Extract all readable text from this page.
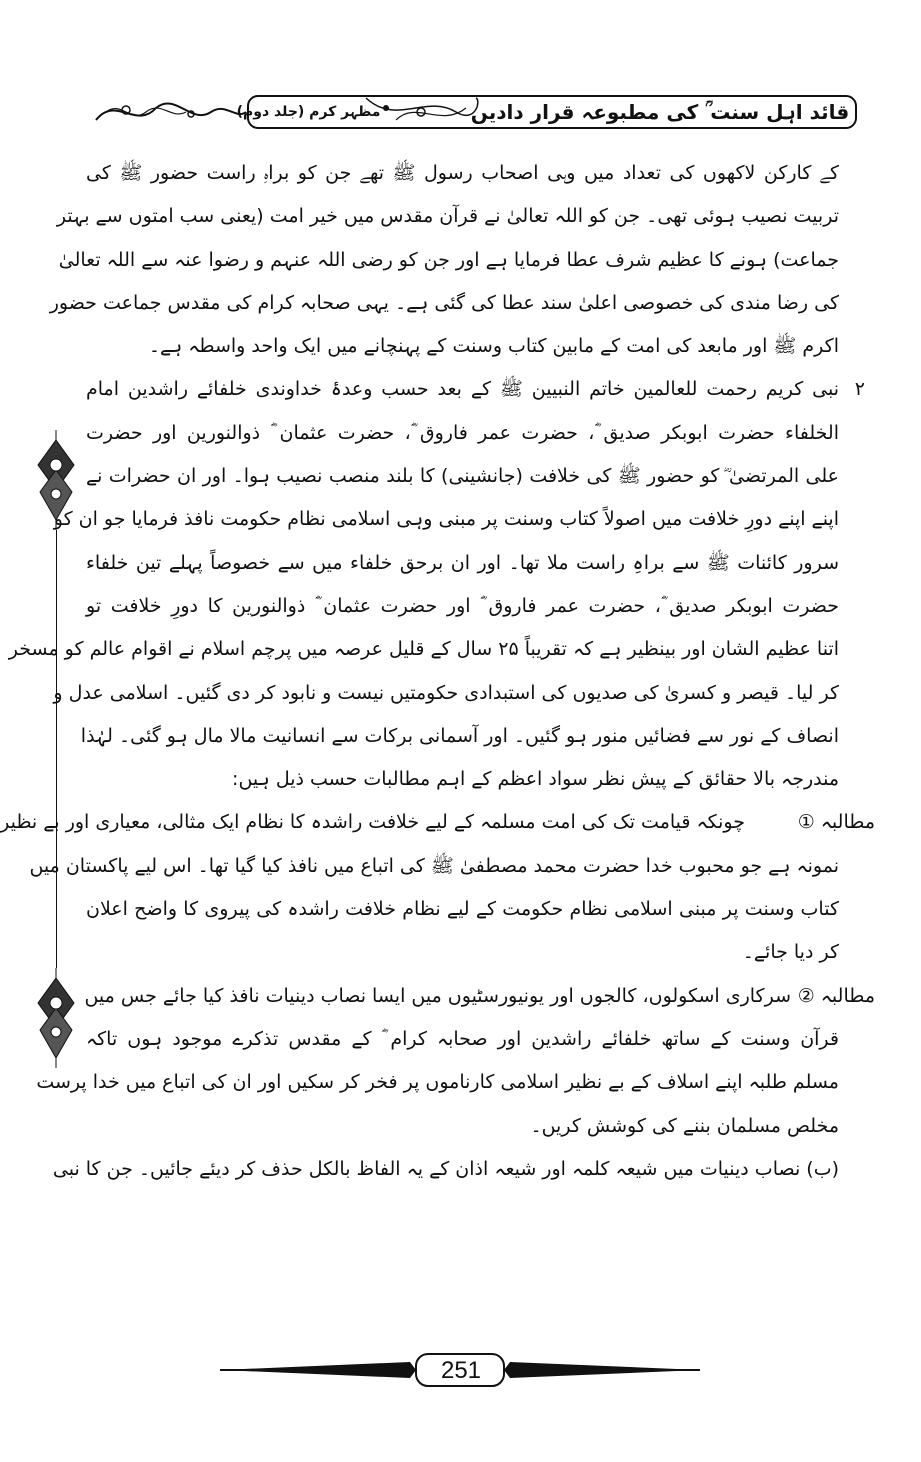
قائد اہل سنت ؒ کی مطبوعہ قرار دادیں
مظہر کرم (جلد دوم)
کے کارکن لاکھوں کی تعداد میں وہی اصحاب رسول ﷺ تھے جن کو براہِ راست حضور ﷺ کی
تربیت نصیب ہوئی تھی۔ جن کو اللہ تعالیٰ نے قرآن مقدس میں خیر امت (یعنی سب امتوں سے بہتر
جماعت) ہونے کا عظیم شرف عطا فرمایا ہے اور جن کو رضی اللہ عنہم و رضوا عنہ سے اللہ تعالیٰ
کی رضا مندی کی خصوصی اعلیٰ سند عطا کی گئی ہے۔ یہی صحابہ کرام کی مقدس جماعت حضور
اکرم ﷺ اور مابعد کی امت کے مابین کتاب وسنت کے پہنچانے میں ایک واحد واسطہ ہے۔
۲
نبی کریم رحمت للعالمین خاتم النبیین ﷺ کے بعد حسب وعدۂ خداوندی خلفائے راشدین امام
الخلفاء حضرت ابوبکر صدیق ؓ، حضرت عمر فاروق ؓ، حضرت عثمان ؓ ذوالنورین اور حضرت
علی المرتضیٰ ؓ کو حضور ﷺ کی خلافت (جانشینی) کا بلند منصب نصیب ہوا۔ اور ان حضرات نے
اپنے اپنے دورِ خلافت میں اصولاً کتاب وسنت پر مبنی وہی اسلامی نظام حکومت نافذ فرمایا جو ان کو
سرور کائنات ﷺ سے براہِ راست ملا تھا۔ اور ان برحق خلفاء میں سے خصوصاً پہلے تین خلفاء
حضرت ابوبکر صدیق ؓ، حضرت عمر فاروق ؓ اور حضرت عثمان ؓ ذوالنورین کا دورِ خلافت تو
اتنا عظیم الشان اور بینظیر ہے کہ تقریباً ۲۵ سال کے قلیل عرصہ میں پرچم اسلام نے اقوام عالم کو مسخر
کر لیا۔ قیصر و کسریٰ کی صدیوں کی استبدادی حکومتیں نیست و نابود کر دی گئیں۔ اسلامی عدل و
انصاف کے نور سے فضائیں منور ہو گئیں۔ اور آسمانی برکات سے انسانیت مالا مال ہو گئی۔ لہٰذا
مندرجہ بالا حقائق کے پیش نظر سواد اعظم کے اہم مطالبات حسب ذیل ہیں:
مطالبہ ①
چونکہ قیامت تک کی امت مسلمہ کے لیے خلافت راشدہ کا نظام ایک مثالی، معیاری اور بے نظیر
نمونہ ہے جو محبوب خدا حضرت محمد مصطفیٰ ﷺ کی اتباع میں نافذ کیا گیا تھا۔ اس لیے پاکستان میں
کتاب وسنت پر مبنی اسلامی نظام حکومت کے لیے نظام خلافت راشدہ کی پیروی کا واضح اعلان
کر دیا جائے۔
مطالبہ ②
سرکاری اسکولوں، کالجوں اور یونیورسٹیوں میں ایسا نصاب دینیات نافذ کیا جائے جس میں
قرآن وسنت کے ساتھ خلفائے راشدین اور صحابہ کرام ؓ کے مقدس تذکرے موجود ہوں تاکہ
مسلم طلبہ اپنے اسلاف کے بے نظیر اسلامی کارناموں پر فخر کر سکیں اور ان کی اتباع میں خدا پرست
مخلص مسلمان بننے کی کوشش کریں۔
(ب) نصاب دینیات میں شیعہ کلمہ اور شیعہ اذان کے یہ الفاظ بالکل حذف کر دیئے جائیں۔ جن کا نبی
251
